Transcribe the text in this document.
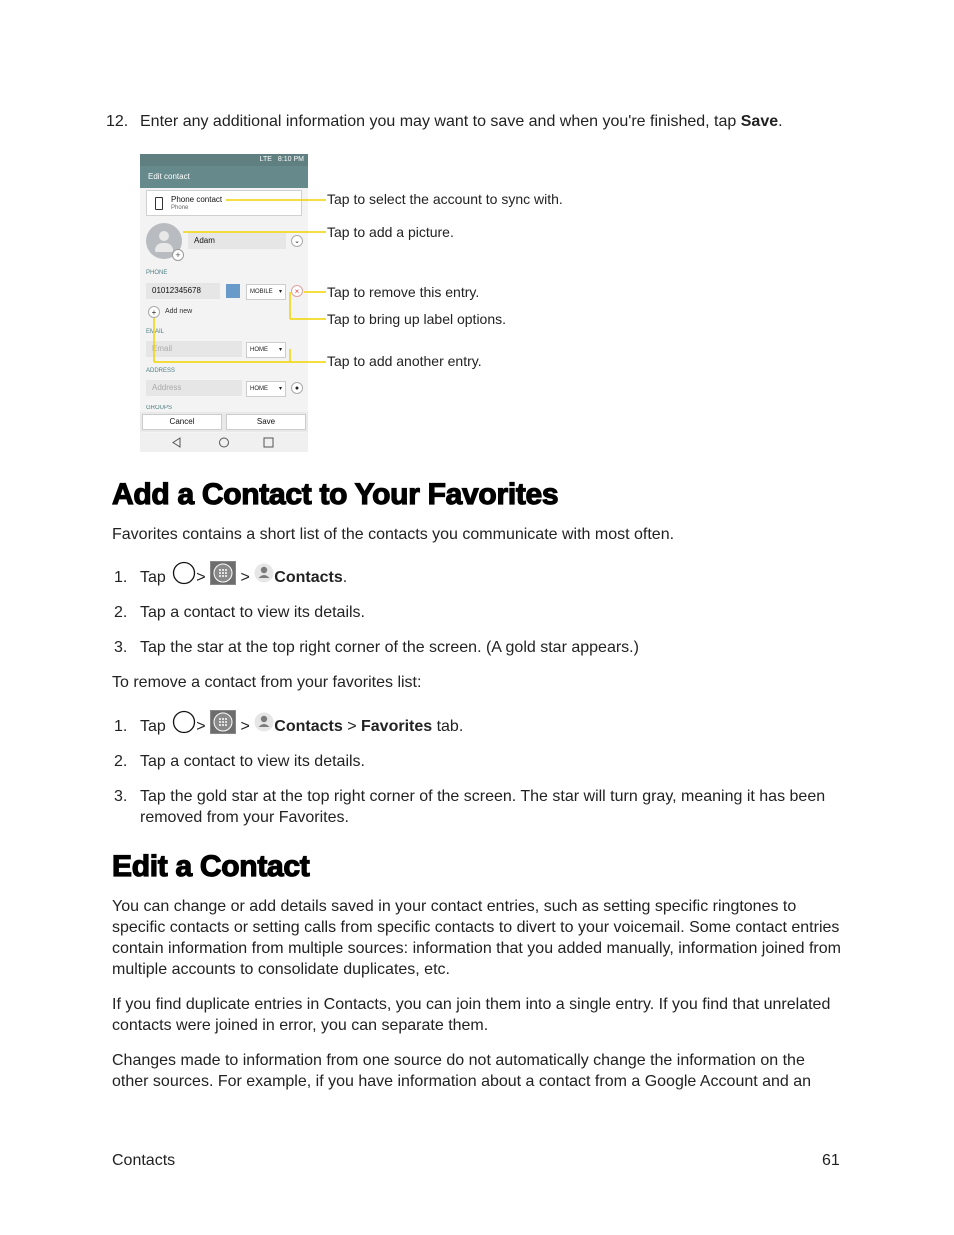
12. Enter any additional information you may want to save and when you're finished, tap Save.
LTE 8:10 PM
Edit contact
Phone contact
Phone
+
Adam	⌄
PHONE
01012345678	MOBILE ▾	×
+	Add new
EMAIL
Email	HOME ▾
ADDRESS
Address	HOME ▾	●
GROUPS
Cancel	Save
Tap to select the account to sync with.
Tap to add a picture.
Tap to remove this entry.
Tap to bring up label options.
Tap to add another entry.
Add a Contact to Your Favorites
Favorites contains a short list of the contacts you communicate with most often.
1. Tap > > Contacts.
2. Tap a contact to view its details.
3. Tap the star at the top right corner of the screen. (A gold star appears.)
To remove a contact from your favorites list:
1. Tap > > Contacts > Favorites tab.
2. Tap a contact to view its details.
3. Tap the gold star at the top right corner of the screen. The star will turn gray, meaning it has been removed from your Favorites.
Edit a Contact
You can change or add details saved in your contact entries, such as setting specific ringtones to specific contacts or setting calls from specific contacts to divert to your voicemail. Some contact entries contain information from multiple sources: information that you added manually, information joined from multiple accounts to consolidate duplicates, etc.
If you find duplicate entries in Contacts, you can join them into a single entry. If you find that unrelated contacts were joined in error, you can separate them.
Changes made to information from one source do not automatically change the information on the other sources. For example, if you have information about a contact from a Google Account and an
Contacts	61
